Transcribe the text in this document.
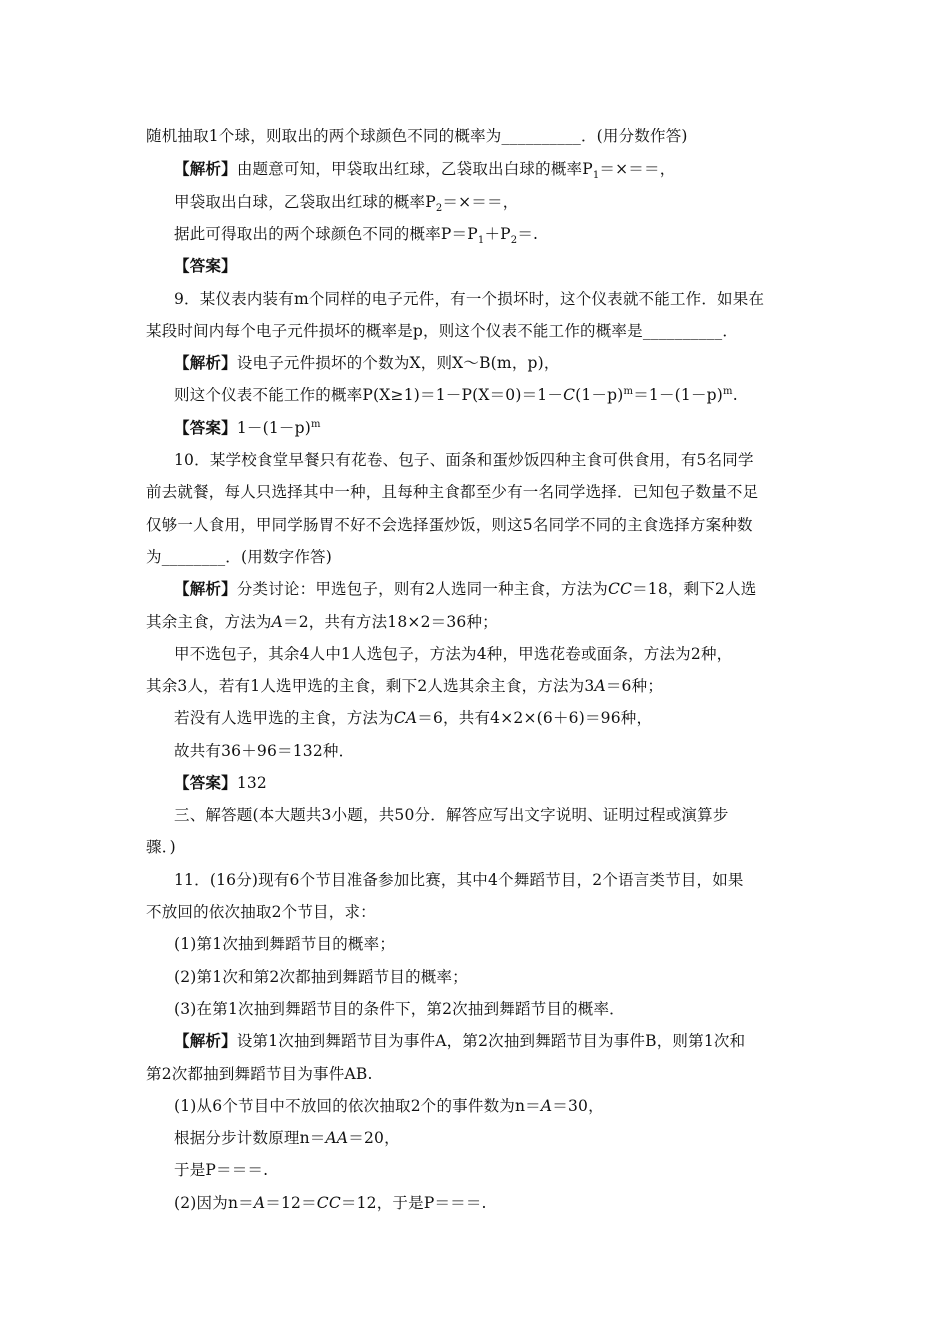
随机抽取1个球，则取出的两个球颜色不同的概率为__________．(用分数作答)
【解析】由题意可知，甲袋取出红球，乙袋取出白球的概率$P_1=\times==$，
甲袋取出白球，乙袋取出红球的概率$P_2=\times==$，
据此可得取出的两个球颜色不同的概率$P=P_1+P_2=$.
【答案】
9．某仪表内装有m个同样的电子元件，有一个损坏时，这个仪表就不能工作．如果在
某段时间内每个电子元件损坏的概率是p，则这个仪表不能工作的概率是__________．
【解析】设电子元件损坏的个数为X，则X～B(m，p)，
则这个仪表不能工作的概率$P(X\ge 1)=1-P(X=0)=1-C(1-p)^m=1-(1-p)^m$.
【答案】$1-(1-p)^m$
10．某学校食堂早餐只有花卷、包子、面条和蛋炒饭四种主食可供食用，有5名同学
前去就餐，每人只选择其中一种，且每种主食都至少有一名同学选择．已知包子数量不足
仅够一人食用，甲同学肠胃不好不会选择蛋炒饭，则这5名同学不同的主食选择方案种数
为________．(用数字作答)
【解析】分类讨论：甲选包子，则有2人选同一种主食，方法为CC＝18，剩下2人选
其余主食，方法为A＝2，共有方法18×2＝36种；
甲不选包子，其余4人中1人选包子，方法为4种，甲选花卷或面条，方法为2种，
其余3人，若有1人选甲选的主食，剩下2人选其余主食，方法为3A＝6种；
若没有人选甲选的主食，方法为CA＝6，共有4×2×(6＋6)＝96种，
故共有36＋96＝132种．
【答案】132
三、解答题(本大题共3小题，共50分．解答应写出文字说明、证明过程或演算步
骤．)
11．(16分)现有6个节目准备参加比赛，其中4个舞蹈节目，2个语言类节目，如果
不放回的依次抽取2个节目，求：
(1)第1次抽到舞蹈节目的概率；
(2)第1次和第2次都抽到舞蹈节目的概率；
(3)在第1次抽到舞蹈节目的条件下，第2次抽到舞蹈节目的概率．
【解析】设第1次抽到舞蹈节目为事件A，第2次抽到舞蹈节目为事件B，则第1次和
第2次都抽到舞蹈节目为事件AB.
(1)从6个节目中不放回的依次抽取2个的事件数为n＝A＝30，
根据分步计数原理n＝AA＝20，
于是P＝＝＝.
(2)因为n＝A＝12＝CC＝12，于是P＝＝＝.
